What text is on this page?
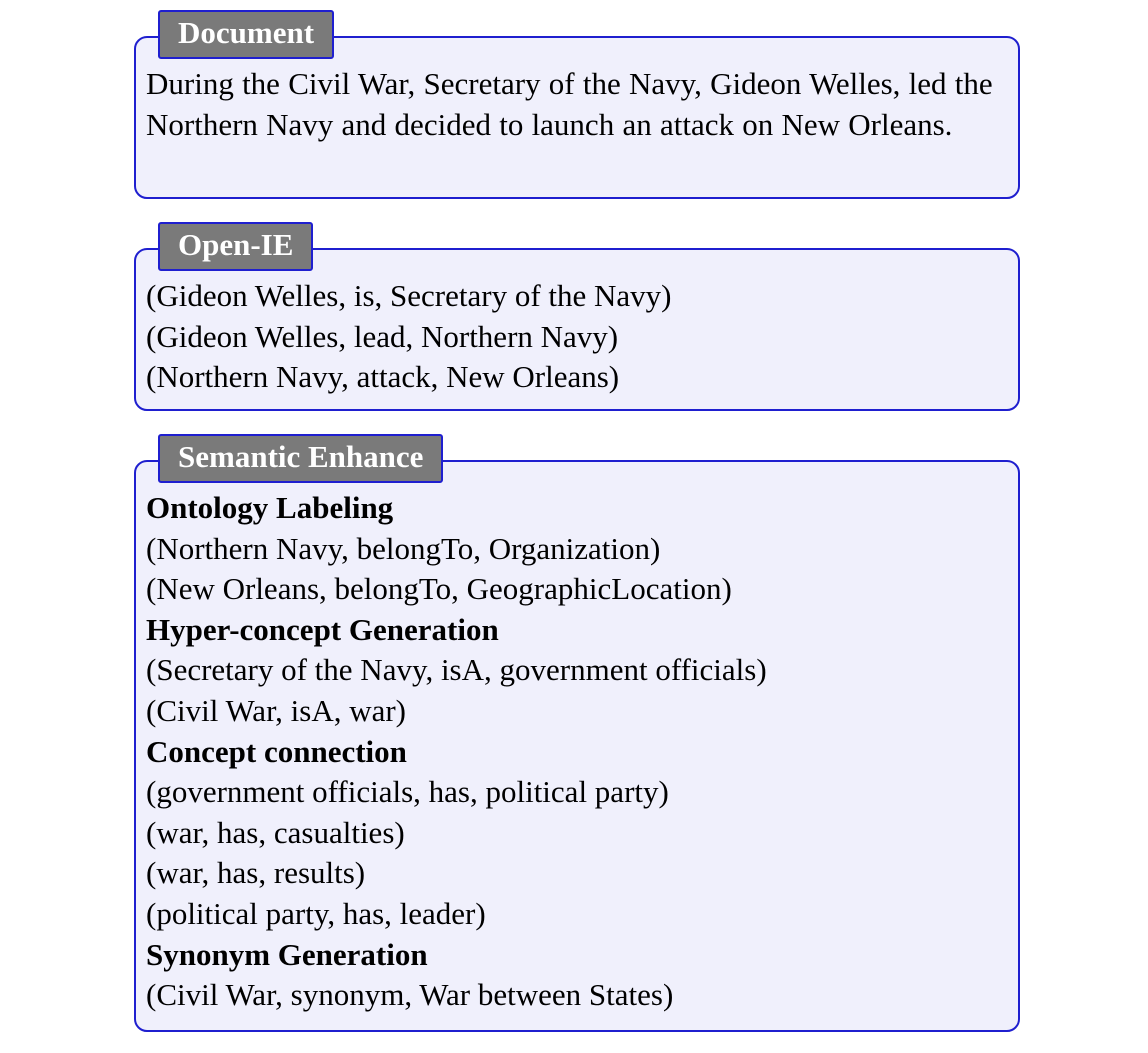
During the Civil War, Secretary of the Navy, Gideon Welles, led the Northern Navy and decided to launch an attack on New Orleans.
Document
(Gideon Welles, is, Secretary of the Navy)
(Gideon Welles, lead, Northern Navy)
(Northern Navy, attack, New Orleans)
Open-IE
Ontology Labeling
(Northern Navy, belongTo, Organization)
(New Orleans, belongTo, GeographicLocation)
Hyper-concept Generation
(Secretary of the Navy, isA, government officials)
(Civil War, isA, war)
Concept connection
(government officials, has, political party)
(war, has, casualties)
(war, has, results)
(political party, has, leader)
Synonym Generation
(Civil War, synonym, War between States)
Semantic Enhance
